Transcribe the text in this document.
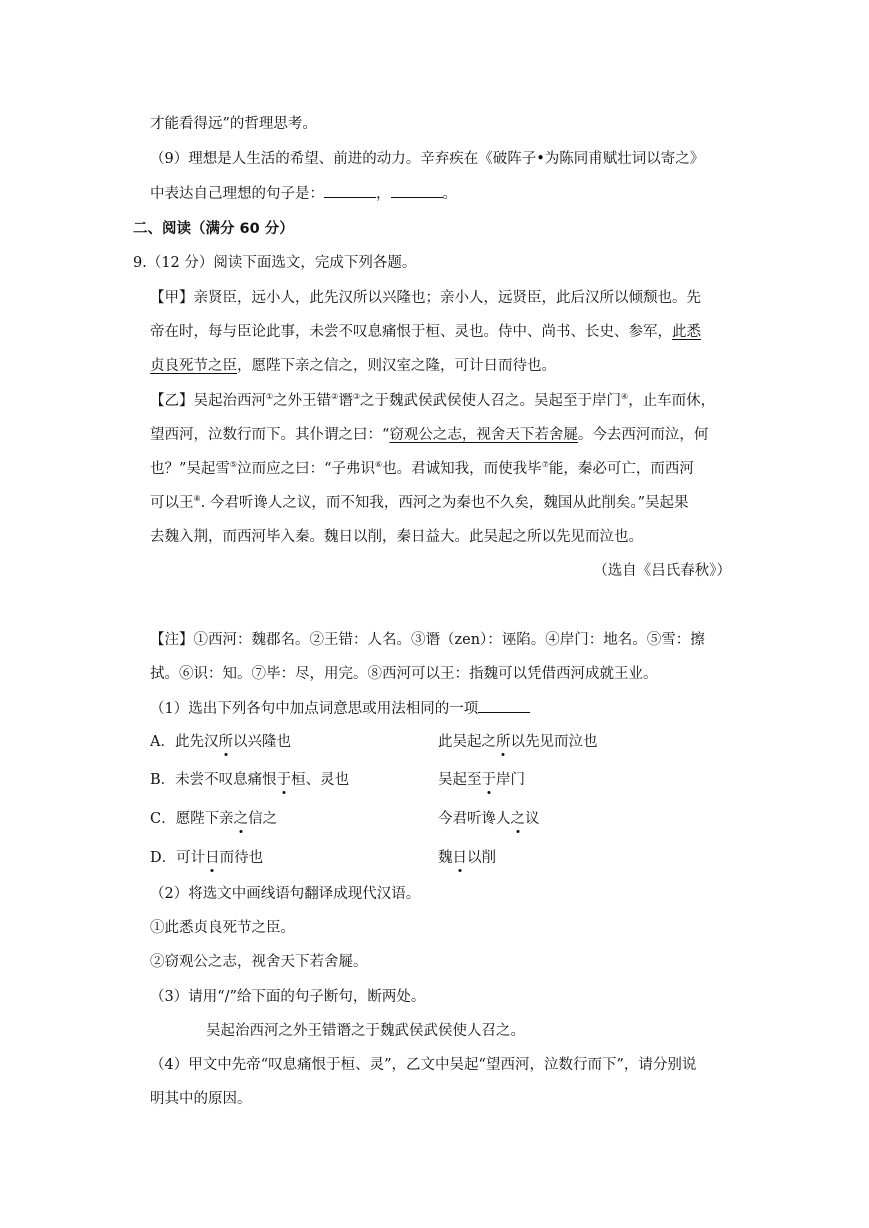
才能看得远”的哲理思考。
（9）理想是人生活的希望、前进的动力。辛弃疾在《破阵子•为陈同甫赋壮词以寄之》
中表达自己理想的句子是：	，	。
二、阅读（满分 60 分）
9.（12 分）阅读下面选文，完成下列各题。
【甲】亲贤臣，远小人，此先汉所以兴隆也；亲小人，远贤臣，此后汉所以倾颓也。先
帝在时，每与臣论此事，未尝不叹息痛恨于桓、灵也。侍中、尚书、长史、参军，此悉
贞良死节之臣，愿陛下亲之信之，则汉室之隆，可计日而待也。
【乙】吴起治西河①之外王错②谮③之于魏武侯武侯使人召之。吴起至于岸门④，止车而休，
望西河，泣数行而下。其仆谓之曰：“窃观公之志，视舍天下若舍屣。今去西河而泣，何
也？”吴起雪⑤泣而应之曰：“子弗识⑥也。君诚知我，而使我毕⑦能，秦必可亡，而西河
可以王⑧. 今君听谗人之议，而不知我，西河之为秦也不久矣，魏国从此削矣。”吴起果
去魏入荆，而西河毕入秦。魏日以削，秦日益大。此吴起之所以先见而泣也。
（选自《吕氏春秋》）
【注】①西河：魏郡名。②王错：人名。③谮（zen）：诬陷。④岸门：地名。⑤雪：擦
拭。⑥识：知。⑦毕：尽，用完。⑧西河可以王：指魏可以凭借西河成就王业。
（1）选出下列各句中加点词意思或用法相同的一项
A．此先汉所以兴隆也	此吴起之所以先见而泣也
B．未尝不叹息痛恨于桓、灵也	吴起至于岸门
C．愿陛下亲之信之	今君听谗人之议
D．可计日而待也	魏日以削
（2）将选文中画线语句翻译成现代汉语。
①此悉贞良死节之臣。
②窃观公之志，视舍天下若舍屣。
（3）请用“/”给下面的句子断句，断两处。
吴起治西河之外王错谮之于魏武侯武侯使人召之。
（4）甲文中先帝“叹息痛恨于桓、灵”，乙文中吴起“望西河，泣数行而下”，请分别说
明其中的原因。
